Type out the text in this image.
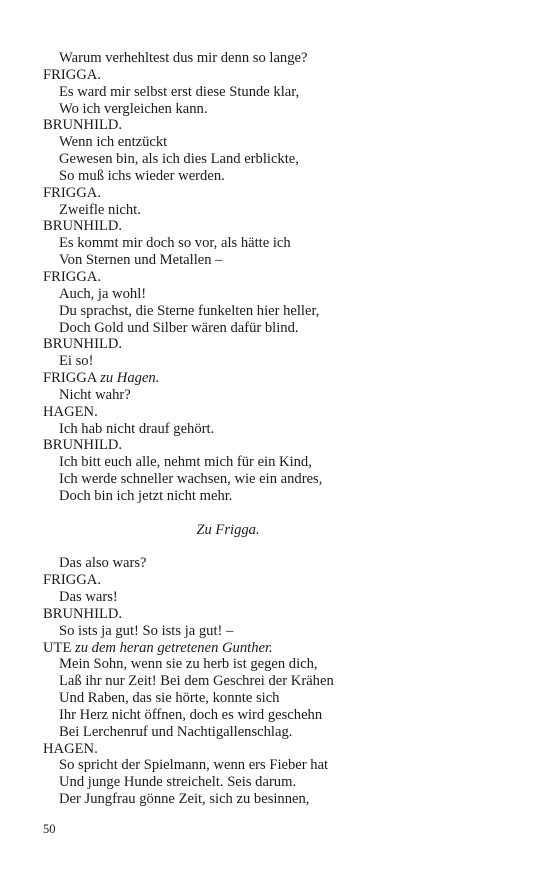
Warum verhehltest dus mir denn so lange?
FRIGGA.
Es ward mir selbst erst diese Stunde klar,
Wo ich vergleichen kann.
BRUNHILD.
Wenn ich entzückt
Gewesen bin, als ich dies Land erblickte,
So muß ichs wieder werden.
FRIGGA.
Zweifle nicht.
BRUNHILD.
Es kommt mir doch so vor, als hätte ich
Von Sternen und Metallen –
FRIGGA.
Auch, ja wohl!
Du sprachst, die Sterne funkelten hier heller,
Doch Gold und Silber wären dafür blind.
BRUNHILD.
Ei so!
FRIGGA zu Hagen.
Nicht wahr?
HAGEN.
Ich hab nicht drauf gehört.
BRUNHILD.
Ich bitt euch alle, nehmt mich für ein Kind,
Ich werde schneller wachsen, wie ein andres,
Doch bin ich jetzt nicht mehr.
Zu Frigga.
Das also wars?
FRIGGA.
Das wars!
BRUNHILD.
So ists ja gut! So ists ja gut! –
UTE zu dem heran getretenen Gunther.
Mein Sohn, wenn sie zu herb ist gegen dich,
Laß ihr nur Zeit! Bei dem Geschrei der Krähen
Und Raben, das sie hörte, konnte sich
Ihr Herz nicht öffnen, doch es wird geschehn
Bei Lerchenruf und Nachtigallenschlag.
HAGEN.
So spricht der Spielmann, wenn ers Fieber hat
Und junge Hunde streichelt. Seis darum.
Der Jungfrau gönne Zeit, sich zu besinnen,
50
